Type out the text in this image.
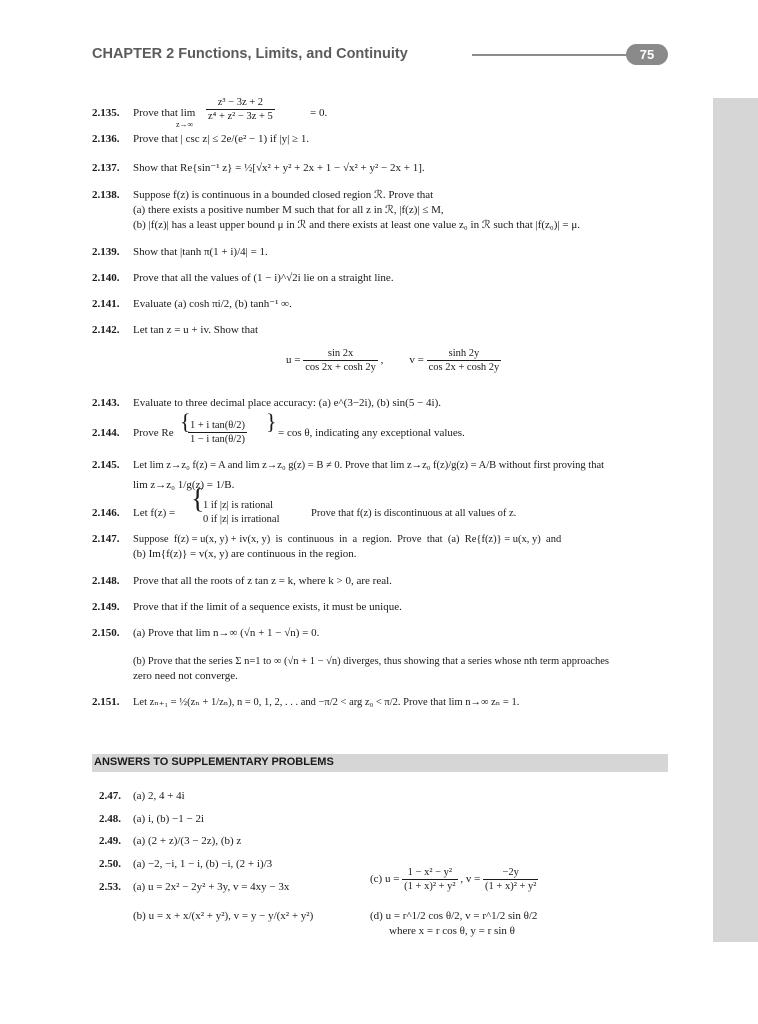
CHAPTER 2 Functions, Limits, and Continuity	75
2.135. Prove that lim
z→∞
$\frac{\text{z³ − 3z + 2}}{\text{z⁴ + z² − 3z + 5}}$	= 0.
2.136. Prove that | csc z| ≤ 2e/(e² − 1) if |y| ≥ 1.
2.137. Show that Re{sin⁻¹ z} = ½[√x² + y² + 2x + 1 − √x² + y² − 2x + 1].
2.138. Suppose f(z) is continuous in a bounded closed region ℛ. Prove that
(a) there exists a positive number M such that for all z in ℛ, |f(z)| ≤ M,
(b) |f(z)| has a least upper bound μ in ℛ and there exists at least one value z₀ in ℛ such that |f(z₀)| = μ.
2.139. Show that |tanh π(1 + i)/4| = 1.
2.140. Prove that all the values of (1 − i)^√2i lie on a straight line.
2.141. Evaluate (a) cosh πi/2, (b) tanh⁻¹ ∞.
2.142. Let tan z = u + iv. Show that
$u = \frac{\sin 2x}{\cos 2x + \cosh 2y}$ , $v = \frac{\sinh 2y}{\cos 2x + \cosh 2y}$
2.143. Evaluate to three decimal place accuracy: (a) e^(3−2i), (b) sin(5 − 4i).
2.144. Prove Re {
$\frac{\text{1 + i tan(θ/2)}}{\text{1 − i tan(θ/2)}}$ } = cos θ, indicating any exceptional values.
2.145. Let lim z→z₀ f(z) = A and lim z→z₀ g(z) = B ≠ 0. Prove that lim z→z₀ f(z)/g(z) = A/B without first proving that
lim z→z₀ 1/g(z) = 1/B.
2.146. Let f(z) = {
1 if |z| is rational
0 if |z| is irrational
Prove that f(z) is discontinuous at all values of z.
2.147. Suppose  f(z) = u(x, y) + iv(x, y)  is  continuous  in  a  region.  Prove  that  (a)  Re{f(z)} = u(x, y)  and
(b) Im{f(z)} = v(x, y) are continuous in the region.
2.148. Prove that all the roots of z tan z = k, where k > 0, are real.
2.149. Prove that if the limit of a sequence exists, it must be unique.
2.150. (a) Prove that lim n→∞ (√n + 1 − √n) = 0.
(b) Prove that the series Σ n=1 to ∞ (√n + 1 − √n) diverges, thus showing that a series whose nth term approaches
zero need not converge.
2.151. Let zₙ₊₁ = ½(zₙ + 1/zₙ), n = 0, 1, 2, . . . and −π/2 < arg z₀ < π/2. Prove that lim n→∞ zₙ = 1.
ANSWERS TO SUPPLEMENTARY PROBLEMS
2.47. (a) 2, 4 + 4i
2.48. (a) i, (b) −1 − 2i
2.49. (a) (2 + z)/(3 − 2z), (b) z
2.50. (a) −2, −i, 1 − i, (b) −i, (2 + i)/3
2.53. (a) u = 2x² − 2y² + 3y, v = 4xy − 3x
(b) u = x + x/(x² + y²), v = y − y/(x² + y²)
(c) $u = \frac{\text{1 − x² − y²}}{\text{(1 + x)² + y²}}$ , $v = \frac{-2y}{\text{(1 + x)² + y²}}$
(d) u = r^1/2 cos θ/2, v = r^1/2 sin θ/2
where x = r cos θ, y = r sin θ
